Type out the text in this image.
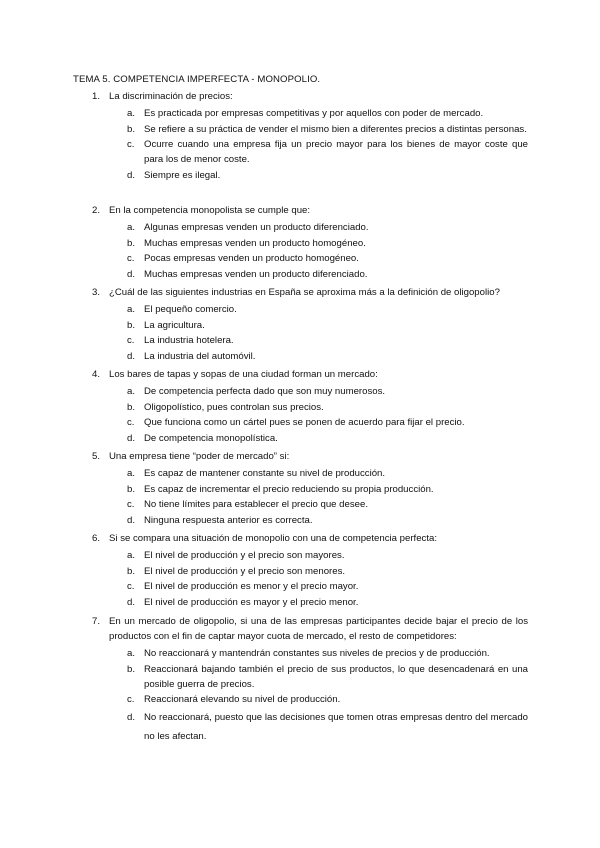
TEMA 5. COMPETENCIA IMPERFECTA - MONOPOLIO.
1. La discriminación de precios:
a. Es practicada por empresas competitivas y por aquellos con poder de mercado.
b. Se refiere a su práctica de vender el mismo bien a diferentes precios a distintas personas.
c. Ocurre cuando una empresa fija un precio mayor para los bienes de mayor coste que para los de menor coste.
d. Siempre es ilegal.
2. En la competencia monopolista se cumple que:
a. Algunas empresas venden un producto diferenciado.
b. Muchas empresas venden un producto homogéneo.
c. Pocas empresas venden un producto homogéneo.
d. Muchas empresas venden un producto diferenciado.
3. ¿Cuál de las siguientes industrias en España se aproxima más a la definición de oligopolio?
a. El pequeño comercio.
b. La agricultura.
c. La industria hotelera.
d. La industria del automóvil.
4. Los bares de tapas y sopas de una ciudad forman un mercado:
a. De competencia perfecta dado que son muy numerosos.
b. Oligopolístico, pues controlan sus precios.
c. Que funciona como un cártel pues se ponen de acuerdo para fijar el precio.
d. De competencia monopolística.
5. Una empresa tiene “poder de mercado” si:
a. Es capaz de mantener constante su nivel de producción.
b. Es capaz de incrementar el precio reduciendo su propia producción.
c. No tiene límites para establecer el precio que desee.
d. Ninguna respuesta anterior es correcta.
6. Si se compara una situación de monopolio con una de competencia perfecta:
a. El nivel de producción y el precio son mayores.
b. El nivel de producción y el precio son menores.
c. El nivel de producción es menor y el precio mayor.
d. El nivel de producción es mayor y el precio menor.
7. En un mercado de oligopolio, si una de las empresas participantes decide bajar el precio de los productos con el fin de captar mayor cuota de mercado, el resto de competidores:
a. No reaccionará y mantendrán constantes sus niveles de precios y de producción.
b. Reaccionará bajando también el precio de sus productos, lo que desencadenará en una posible guerra de precios.
c. Reaccionará elevando su nivel de producción.
d. No reaccionará, puesto que las decisiones que tomen otras empresas dentro del mercado no les afectan.
